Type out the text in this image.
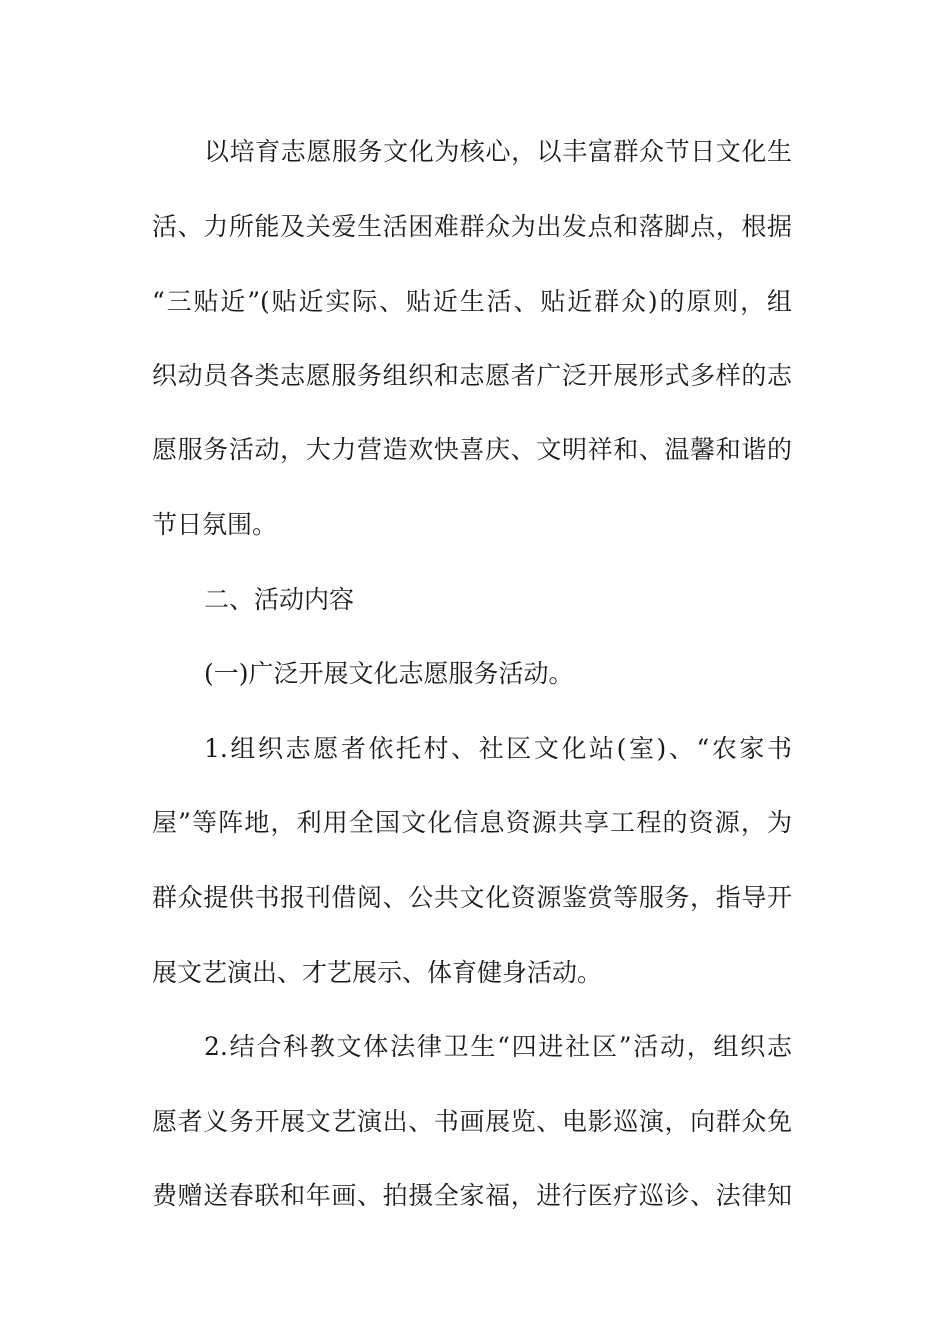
以培育志愿服务文化为核心，以丰富群众节日文化生
活、力所能及关爱生活困难群众为出发点和落脚点，根据
“三贴近”(贴近实际、贴近生活、贴近群众)的原则，组
织动员各类志愿服务组织和志愿者广泛开展形式多样的志
愿服务活动，大力营造欢快喜庆、文明祥和、温馨和谐的
节日氛围。
二、活动内容
(一)广泛开展文化志愿服务活动。
1.组织志愿者依托村、社区文化站(室)、“农家书
屋”等阵地，利用全国文化信息资源共享工程的资源，为
群众提供书报刊借阅、公共文化资源鉴赏等服务，指导开
展文艺演出、才艺展示、体育健身活动。
2.结合科教文体法律卫生“四进社区”活动，组织志
愿者义务开展文艺演出、书画展览、电影巡演，向群众免
费赠送春联和年画、拍摄全家福，进行医疗巡诊、法律知
